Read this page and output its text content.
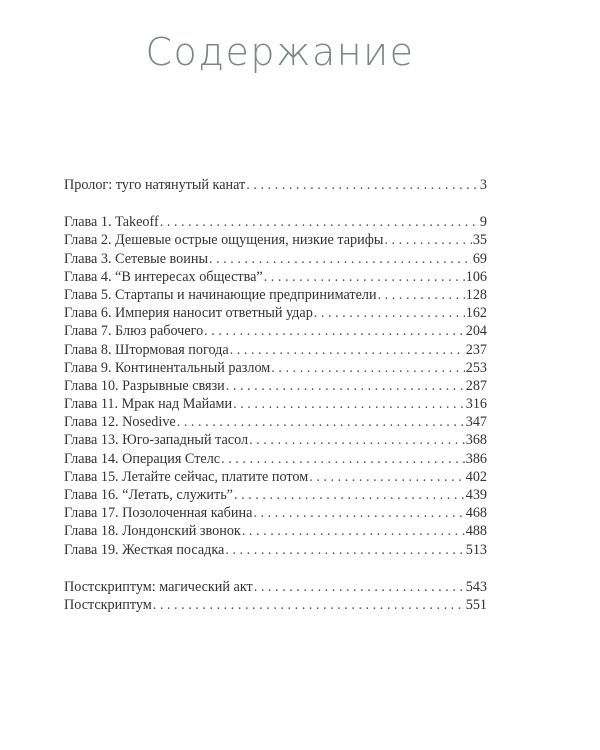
Содержание
Пролог: туго натянутый канат . . .	3
Глава 1. Takeoff . . .	9
Глава 2. Дешевые острые ощущения, низкие тарифы . . .	35
Глава 3. Сетевые воины . . .	69
Глава 4. “В интересах общества” . . .	106
Глава 5. Стартапы и начинающие предприниматели . . .	128
Глава 6. Империя наносит ответный удар . . .	162
Глава 7. Блюз рабочего . . .	204
Глава 8. Штормовая погода . . .	237
Глава 9. Континентальный разлом . . .	253
Глава 10. Разрывные связи . . .	287
Глава 11. Мрак над Майами . . .	316
Глава 12. Nosedive . . .	347
Глава 13. Юго-западный тасол . . .	368
Глава 14. Операция Стелс . . .	386
Глава 15. Летайте сейчас, платите потом . . .	402
Глава 16. “Летать, служить” . . .	439
Глава 17. Позолоченная кабина . . .	468
Глава 18. Лондонский звонок . . .	488
Глава 19. Жесткая посадка . . .	513
Постскриптум: магический акт . . .	543
Постскриптум . . .	551
